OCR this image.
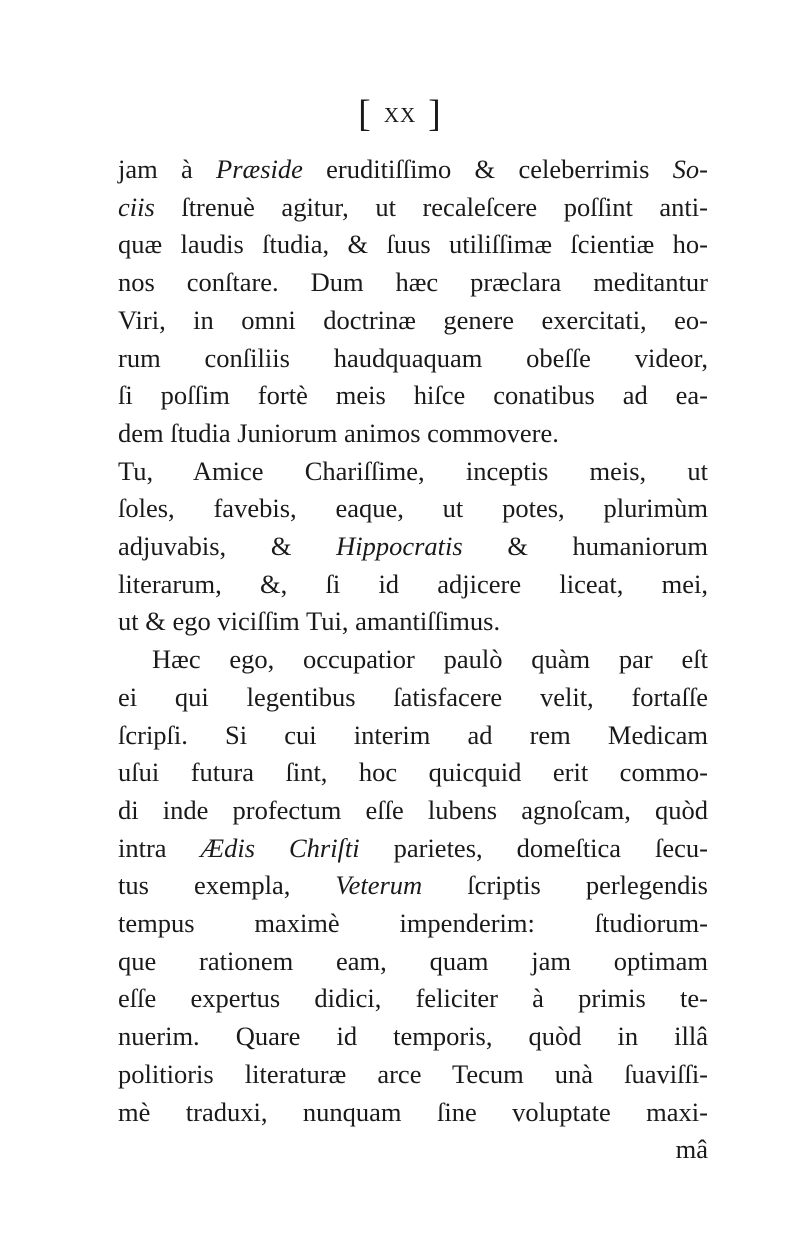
[ xx ]
jam à Præside eruditiſſimo & celeberrimis So-
ciis ſtrenuè agitur, ut recaleſcere poſſint anti-
quæ laudis ſtudia, & ſuus utiliſſimæ ſcientiæ ho-
nos conſtare. Dum hæc præclara meditantur
Viri, in omni doctrinæ genere exercitati, eo-
rum conſiliis haudquaquam obeſſe videor,
ſi poſſim fortè meis hiſce conatibus ad ea-
dem ſtudia Juniorum animos commovere.
Tu, Amice Chariſſime, inceptis meis, ut
ſoles, favebis, eaque, ut potes, plurimùm
adjuvabis, & Hippocratis & humaniorum
literarum, &, ſi id adjicere liceat, mei,
ut & ego viciſſim Tui, amantiſſimus.
Hæc ego, occupatior paulò quàm par eſt
ei qui legentibus ſatisfacere velit, fortaſſe
ſcripſi. Si cui interim ad rem Medicam
uſui futura ſint, hoc quicquid erit commo-
di inde profectum eſſe lubens agnoſcam, quòd
intra Ædis Chriſti parietes, domeſtica ſecu-
tus exempla, Veterum ſcriptis perlegendis
tempus maximè impenderim: ſtudiorum-
que rationem eam, quam jam optimam
eſſe expertus didici, feliciter à primis te-
nuerim. Quare id temporis, quòd in illâ
politioris literaturæ arce Tecum unà ſuaviſſi-
mè traduxi, nunquam ſine voluptate maxi-
mâ
